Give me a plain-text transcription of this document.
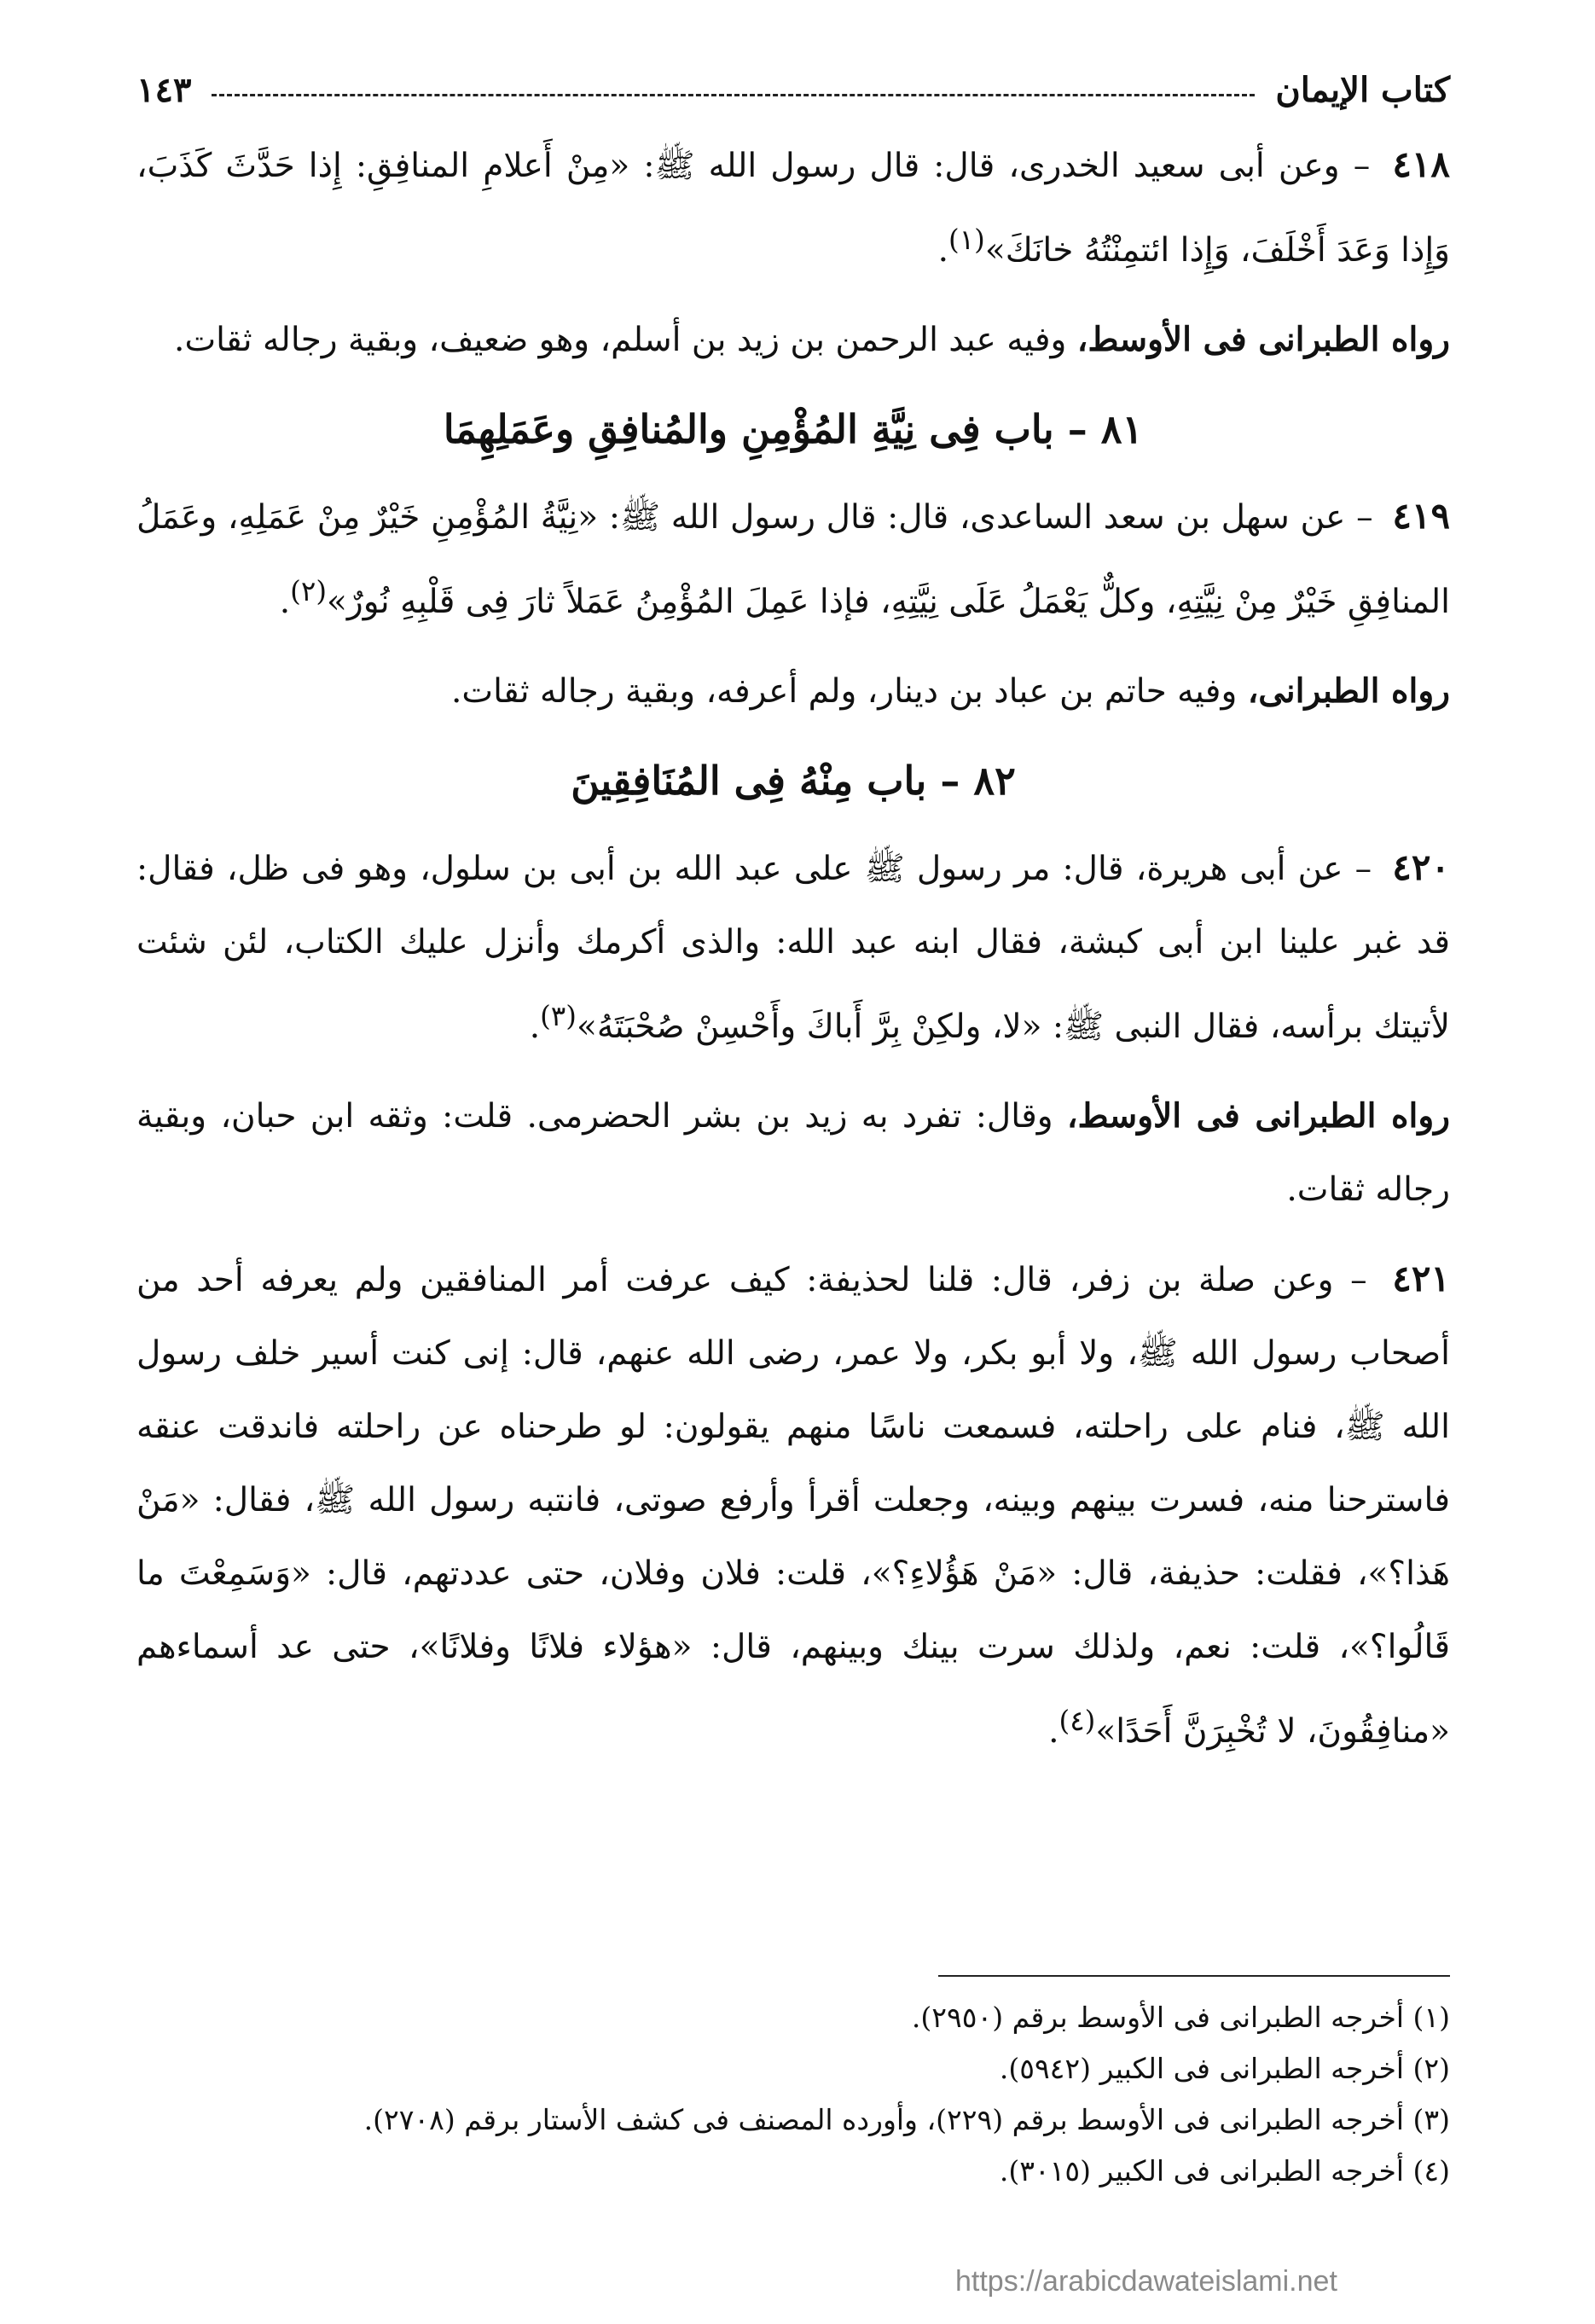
كتاب الإيمان
١٤٣

٤١٨ – وعن أبى سعيد الخدرى، قال: قال رسول الله ﷺ: «مِنْ أَعلامِ المنافِقِ: إِذا حَدَّثَ كَذَبَ، وَإِذا وَعَدَ أَخْلَفَ، وَإِذا ائتمِنْتُهُ خانَكَ»$^{(١)}$.

رواه الطبرانى فى الأوسط، وفيه عبد الرحمن بن زيد بن أسلم، وهو ضعيف، وبقية رجاله ثقات.

٨١ – باب فِى نِيَّةِ المُؤْمِنِ والمُنافِقِ وعَمَلِهِمَا

٤١٩ – عن سهل بن سعد الساعدى، قال: قال رسول الله ﷺ: «نِيَّةُ المُؤْمِنِ خَيْرٌ مِنْ عَمَلِهِ، وعَمَلُ المنافِقِ خَيْرٌ مِنْ نِيَّتِهِ، وكلٌّ يَعْمَلُ عَلَى نِيَّتِهِ، فإذا عَمِلَ المُؤْمِنُ عَمَلاً ثارَ فِى قَلْبِهِ نُورٌ»$^{(٢)}$.

رواه الطبرانى، وفيه حاتم بن عباد بن دينار، ولم أعرفه، وبقية رجاله ثقات.

٨٢ – باب مِنْهُ فِى المُنَافِقِينَ

٤٢٠ – عن أبى هريرة، قال: مر رسول ﷺ على عبد الله بن أبى بن سلول، وهو فى ظل، فقال: قد غبر علينا ابن أبى كبشة، فقال ابنه عبد الله: والذى أكرمك وأنزل عليك الكتاب، لئن شئت لأتيتك برأسه، فقال النبى ﷺ: «لا، ولكِنْ بِرَّ أَباكَ وأَحْسِنْ صُحْبَتَهُ»$^{(٣)}$.

رواه الطبرانى فى الأوسط، وقال: تفرد به زيد بن بشر الحضرمى. قلت: وثقه ابن حبان، وبقية رجاله ثقات.

٤٢١ – وعن صلة بن زفر، قال: قلنا لحذيفة: كيف عرفت أمر المنافقين ولم يعرفه أحد من أصحاب رسول الله ﷺ، ولا أبو بكر، ولا عمر، رضى الله عنهم، قال: إنى كنت أسير خلف رسول الله ﷺ، فنام على راحلته، فسمعت ناسًا منهم يقولون: لو طرحناه عن راحلته فاندقت عنقه فاسترحنا منه، فسرت بينهم وبينه، وجعلت أقرأ وأرفع صوتى، فانتبه رسول الله ﷺ، فقال: «مَنْ هَذا؟»، فقلت: حذيفة، قال: «مَنْ هَؤُلاءِ؟»، قلت: فلان وفلان، حتى عددتهم، قال: «وَسَمِعْتَ ما قَالُوا؟»، قلت: نعم، ولذلك سرت بينك وبينهم، قال: «هؤلاء فلانًا وفلانًا»، حتى عد أسماءهم «منافِقُونَ، لا تُخْبِرَنَّ أَحَدًا»$^{(٤)}$.

(١) أخرجه الطبرانى فى الأوسط برقم (٢٩٥٠).

(٢) أخرجه الطبرانى فى الكبير (٥٩٤٢).

(٣) أخرجه الطبرانى فى الأوسط برقم (٢٢٩)، وأورده المصنف فى كشف الأستار برقم (٢٧٠٨).

(٤) أخرجه الطبرانى فى الكبير (٣٠١٥).

https://arabicdawateislami.net
